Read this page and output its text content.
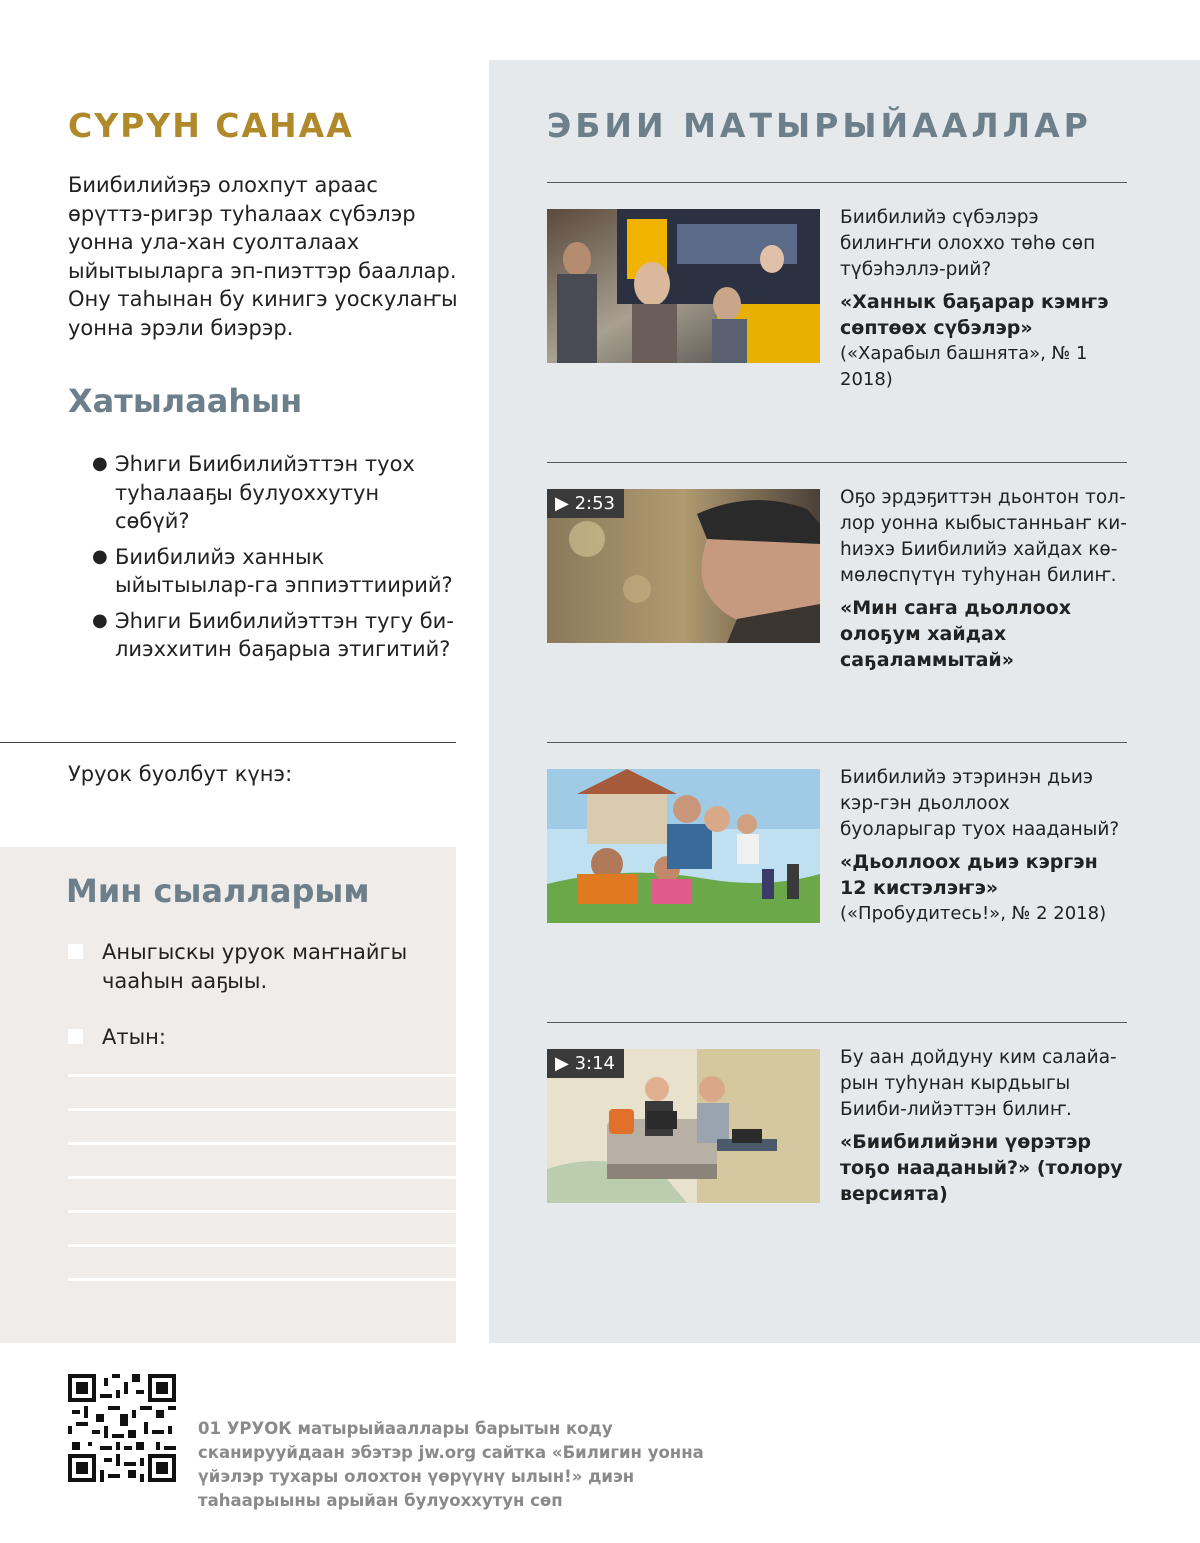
СҮРҮН САНАА
Биибилийэҕэ олохпут араас өрүттэ-ригэр туһалаах сүбэлэр уонна ула-хан суолталаах ыйытыыларга эп-пиэттэр бааллар. Ону таһынан бу кинигэ уоскулаҥы уонна эрэли биэрэр.
Хатылааһын
● Эһиги Биибилийэттэн туох туһалааҕы булуоххутун сөбүй?
● Биибилийэ ханнык ыйытыылар-га эппиэттиирий?
● Эһиги Биибилийэттэн тугу би-лиэххитин баҕарыа этигитий?
Уруок буолбут күнэ:
Мин сыалларым
Аныгыскы уруок маҥнайгы чааһын ааҕыы.
Атын:
ЭБИИ МАТЫРЫЙААЛЛАР
Биибилийэ сүбэлэрэ билиҥҥи олохxo төһө сөп түбэһэллэ-рий?
«Ханнык баҕарар кэмҥэ сөптөөх сүбэлэр»
(«Харабыл башнята», № 1 2018)
▶ 2:53	Оҕо эрдэҕиттэн дьонтон тол-лор уонна кыбыстанньаҥ ки-һиэхэ Биибилийэ хайдах кө-мөлөспүтүн туһунан билиҥ.
«Мин саҥа дьоллоох олоҕум хайдах саҕаламмытай»
Биибилийэ этэринэн дьиэ кэр-гэн дьоллоох буоларыгар туох нааданый?
«Дьоллоох дьиэ кэргэн 12 кистэлэҥэ»
(«Пробудитесь!», № 2 2018)
▶ 3:14	Бу аан дойдуну ким салайа-рын туһунан кырдьыгы Бииби-лийэттэн билиҥ.
«Биибилийэни үөрэтэр тоҕо нааданый?» (толору версията)
01 УРУОК матырыйааллары барытын коду сканирууйдаан эбэтэр jw.org сайтка «Билигин уонна үйэлэр тухары олохтон үөрүүнү ылын!» диэн таһаарыыны арыйан булуоххутун сөп
